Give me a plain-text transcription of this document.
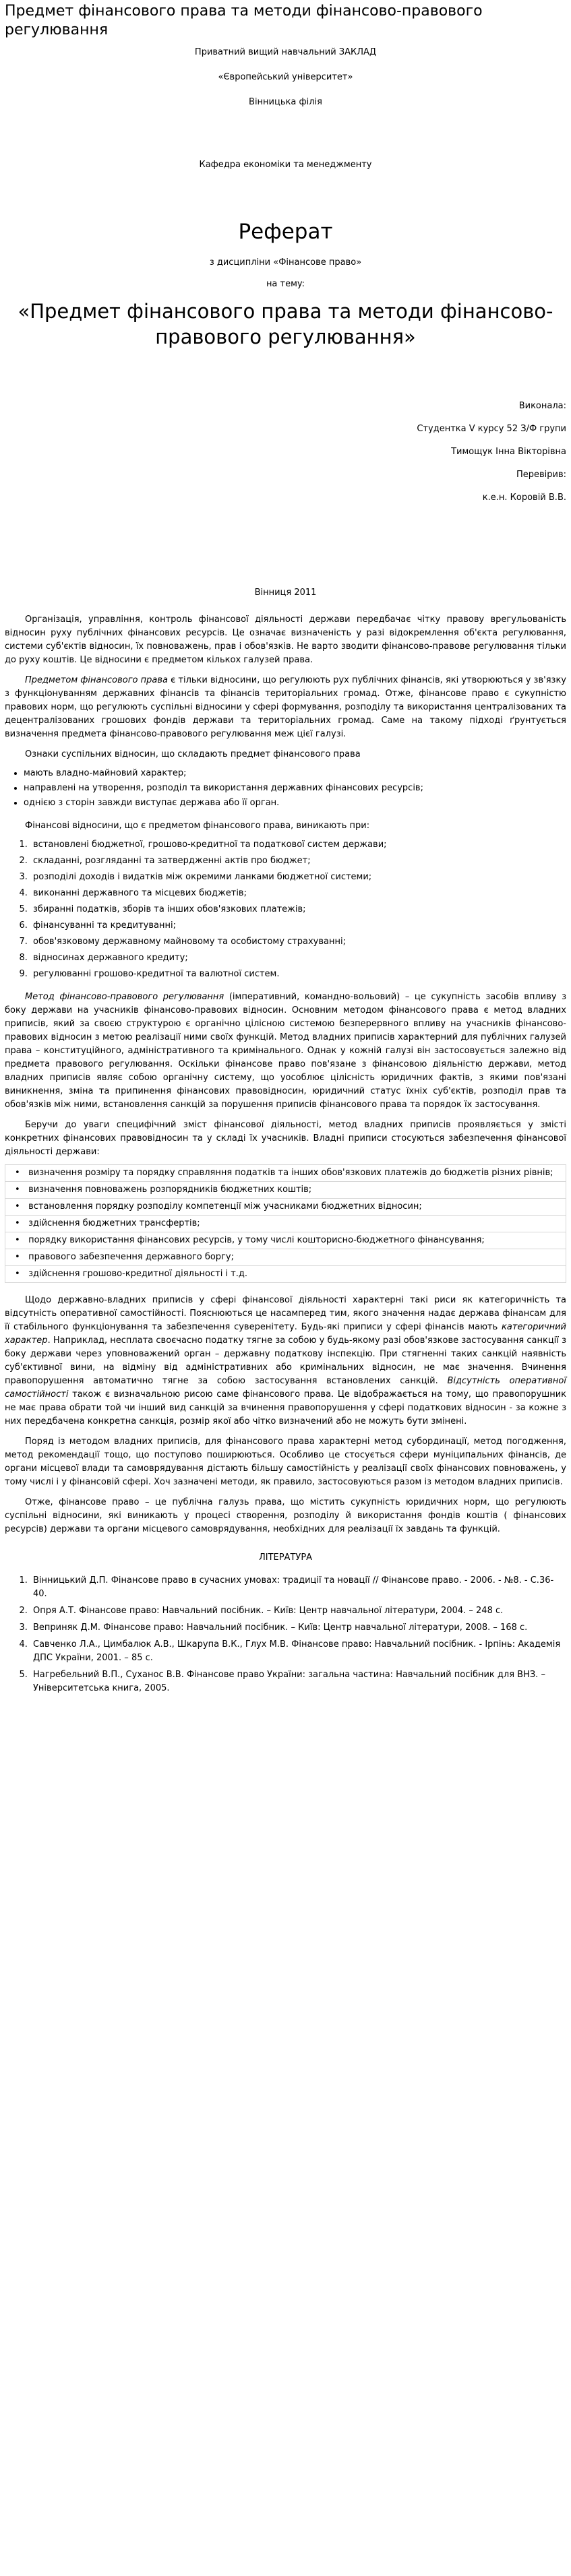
Предмет фінансового права та методи фінансово-правового регулювання

Приватний вищий навчальний ЗАКЛАД

«Європейський університет»

Вінницька філія

Кафедра економіки та менеджменту

Реферат

з дисципліни «Фінансове право»

на темy:

«Предмет фінансового права та методи фінансово-правового регулювання»

Виконала:

Студентка V курсу 52 З/Ф групи

Тимощук Інна Вікторівна

Перевірив:

к.е.н. Коровій В.В.

Вінниця 2011

Організація, управління, контроль фінансової діяльності держави передбачає чітку правову врегульованість відносин руху публічних фінансових ресурсів. Це означає визначеність у разі відокремлення об'єкта регулювання, системи суб'єктів відносин, їх повноважень, прав і обов'язків. Не варто зводити фінансово-правове регулювання тільки до руху коштів. Це відносини є предметом кількох галузей права.

Предметом фінансового права є тільки відносини, що регулюють рух публічних фінансів, які утворюються у зв'язку з функціонуванням державних фінансів та фінансів територіальних громад. Отже, фінансове право є сукупністю правових норм, що регулюють суспільні відносини у сфері формування, розподілу та використання централізованих та децентралізованих грошових фондів держави та територіальних громад. Саме на такому підході ґрунтується визначення предмета фінансово-правового регулювання меж цієї галузі.

Ознаки суспільних відносин, що складають предмет фінансового права

• мають владно-майновий характер;
• направлені на утворення, розподіл та використання державних фінансових ресурсів;
• однією з сторін завжди виступає держава або її орган.

Фінансові відносини, що є предметом фінансового права, виникають при:

1. встановлені бюджетної, грошово-кредитної та податкової систем держави;
2. складанні, розгляданні та затвердженні актів про бюджет;
3. розподілі доходів і видатків між окремими ланками бюджетної системи;
4. виконанні державного та місцевих бюджетів;
5. збиранні податків, зборів та інших обов'язкових платежів;
6. фінансуванні та кредитуванні;
7. обов'язковому державному майновому та особистому страхуванні;
8. відносинах державного кредиту;
9. регулюванні грошово-кредитної та валютної систем.

Метод фінансово-правового регулювання (імперативний, командно-вольовий) – це сукупність засобів впливу з боку держави на учасників фінансово-правових відносин. Основним методом фінансового права є метод владних приписів, який за своєю структурою є органічно цілісною системою безперервного впливу на учасників фінансово-правових відносин з метою реалізації ними своїх функцій. Метод владних приписів характерний для публічних галузей права – конституційного, адміністративного та кримінального. Однак у кожній галузі він застосовується залежно від предмета правового регулювання. Оскільки фінансове право пов'язане з фінансовою діяльністю держави, метод владних приписів являє собою органічну систему, що уособлює цілісність юридичних фактів, з якими пов'язані виникнення, зміна та припинення фінансових правовідносин, юридичний статус їхніх суб'єктів, розподіл прав та обов'язків між ними, встановлення санкцій за порушення приписів фінансового права та порядок їх застосування.

Беручи до уваги специфічний зміст фінансової діяльності, метод владних приписів проявляється у змісті конкретних фінансових правовідносин та у складі їх учасників. Владні приписи стосуються забезпечення фінансової діяльності держави:

•   визначення розміру та порядку справляння податків та інших обов'язкових платежів до бюджетів різних рівнів;
•   визначення повноважень розпорядників бюджетних коштів;
•   встановлення порядку розподілу компетенції між учасниками бюджетних відносин;
•   здійснення бюджетних трансфертів;
•   порядку використання фінансових ресурсів, у тому числі кошторисно-бюджетного фінансування;
•   правового забезпечення державного боргу;
•   здійснення грошово-кредитної діяльності і т.д.

Щодо державно-владних приписів у сфері фінансової діяльності характерні такі риси як категоричність та відсутність оперативної самостійності. Пояснюються це насамперед тим, якого значення надає держава фінансам для її стабільного функціонування та забезпечення суверенітету. Будь-які приписи у сфері фінансів мають категоричний характер. Наприклад, несплата своєчасно податку тягне за собою у будь-якому разі обов'язкове застосування санкції з боку держави через уповноважений орган – державну податкову інспекцію. При стягненні таких санкцій наявність суб'єктивної вини, на відміну від адміністративних або кримінальних відносин, не має значення. Вчинення правопорушення автоматично тягне за собою застосування встановлених санкцій. Відсутність оперативної самостійності також є визначальною рисою саме фінансового права. Це відображається на тому, що правопорушник не має права обрати той чи інший вид санкцій за вчинення правопорушення у сфері податкових відносин - за кожне з них передбачена конкретна санкція, розмір якої або чітко визначений або не можуть бути змінені.

Поряд із методом владних приписів, для фінансового права характерні метод субординації, метод погодження, метод рекомендації тощо, що поступово поширюються. Особливо це стосується сфери муніципальних фінансів, де органи місцевої влади та самоврядування дістають більшу самостійність у реалізації своїх фінансових повноважень, у тому числі і у фінансовій сфері. Хоч зазначені методи, як правило, застосовуються разом із методом владних приписів.

Отже, фінансове право – це публічна галузь права, що містить сукупність юридичних норм, що регулюють суспільні відносини, які виникають у процесі створення, розподілу й використання фондів коштів ( фінансових ресурсів) держави та органи місцевого самоврядування, необхідних для реалізації їх завдань та функцій.

ЛІТЕРАТУРА

1. Вінницький Д.П. Фінансове право в сучасних умовах: традиції та новації // Фінансове право. - 2006. - №8. - С.36-40.
2. Опря А.Т. Фінансове право: Навчальний посібник. – Київ: Центр навчальної літератури, 2004. – 248 с.
3. Веприняк Д.М. Фінансове право: Навчальний посібник. – Київ: Центр навчальної літератури, 2008. – 168 с.
4. Савченко Л.А., Цимбалюк А.В., Шкарупа В.К., Глух М.В. Фінансове право: Навчальний посібник. - Ірпінь: Академія ДПС України, 2001. – 85 с.
5. Нагребельний В.П., Суханос В.В. Фінансове право України: загальна частина: Навчальний посібник для ВНЗ. – Університетська книга, 2005.
